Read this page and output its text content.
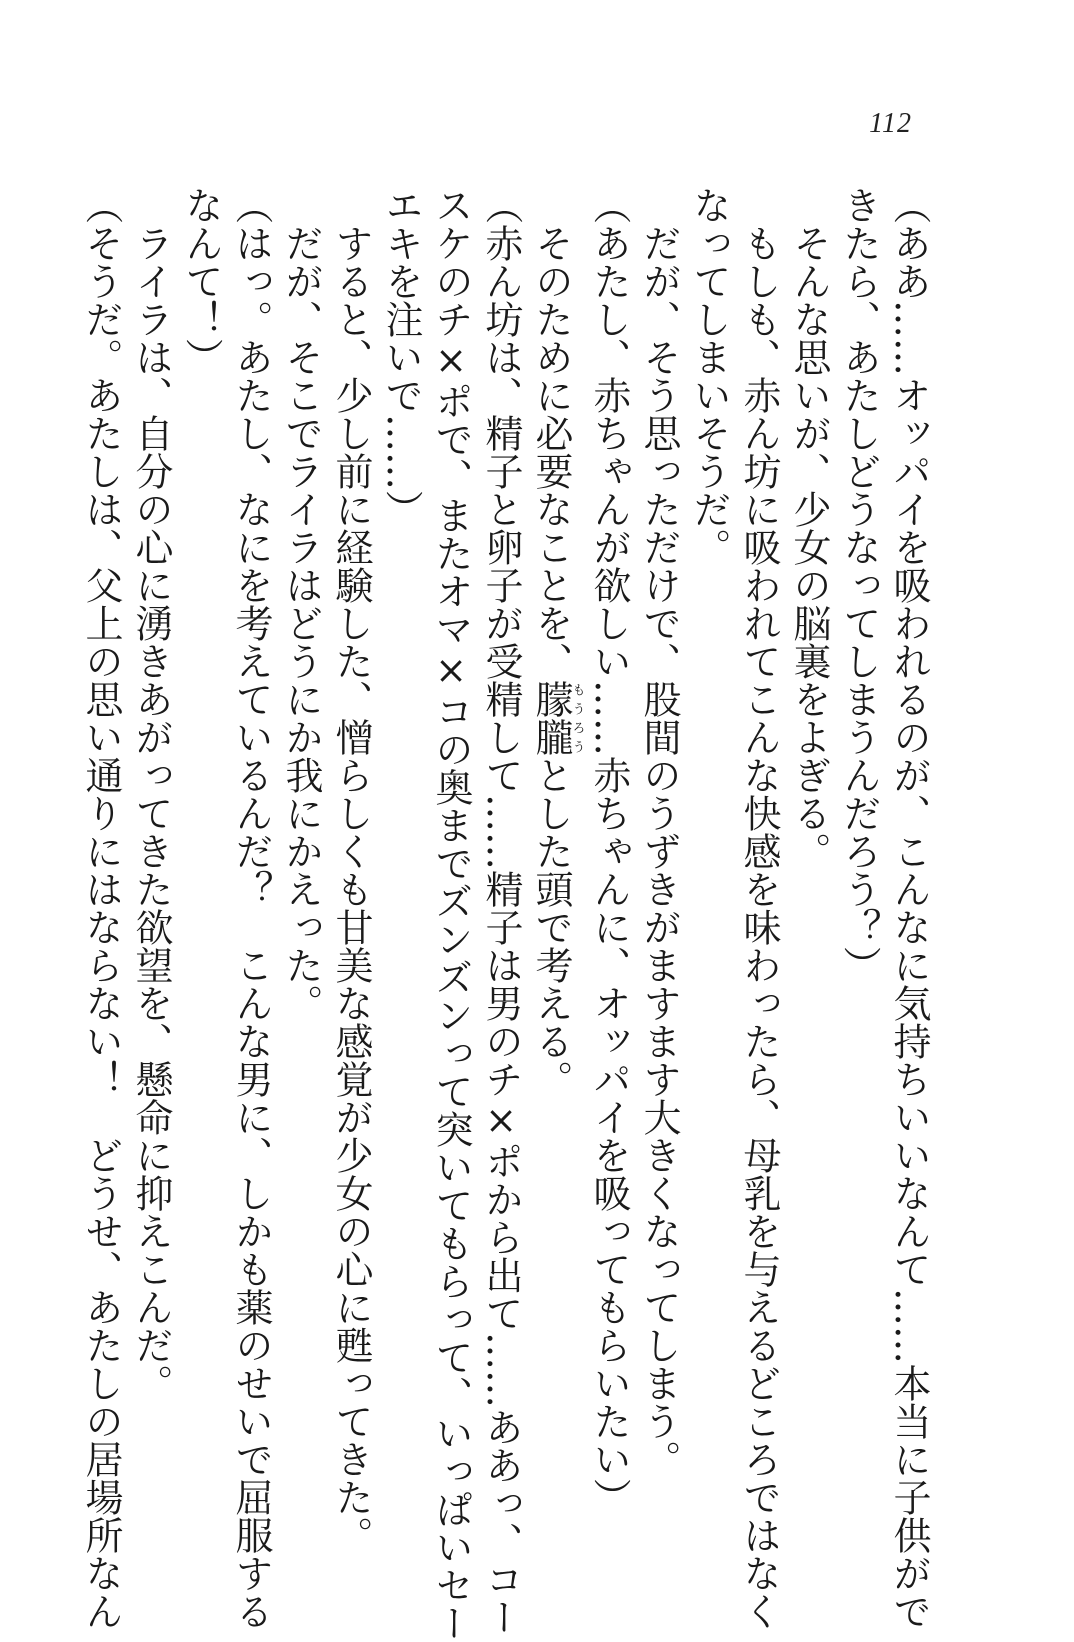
112
（ああ……オッパイを吸われるのが、こんなに気持ちいいなんて……本当に子供がで
きたら、あたしどうなってしまうんだろう？）
　そんな思いが、少女の脳裏をよぎる。
　もしも、赤ん坊に吸われてこんな快感を味わったら、母乳を与えるどころではなく
なってしまいそうだ。
　だが、そう思っただけで、股間のうずきがますます大きくなってしまう。
（あたし、赤ちゃんが欲しい……赤ちゃんに、オッパイを吸ってもらいたい）
　そのために必要なことを、朦朧もうろうとした頭で考える。
（赤ん坊は、精子と卵子が受精して……精子は男のチ×ポから出て……ああっ、コー
スケのチ×ポで、またオマ×コの奥までズンズンって突いてもらって、いっぱいセー
エキを注いで……）
　すると、少し前に経験した、憎らしくも甘美な感覚が少女の心に甦ってきた。
　だが、そこでライラはどうにか我にかえった。
（はっ。あたし、なにを考えているんだ？　こんな男に、しかも薬のせいで屈服する
なんて！）
　ライラは、自分の心に湧きあがってきた欲望を、懸命に抑えこんだ。
（そうだ。あたしは、父上の思い通りにはならない！　どうせ、あたしの居場所なん
